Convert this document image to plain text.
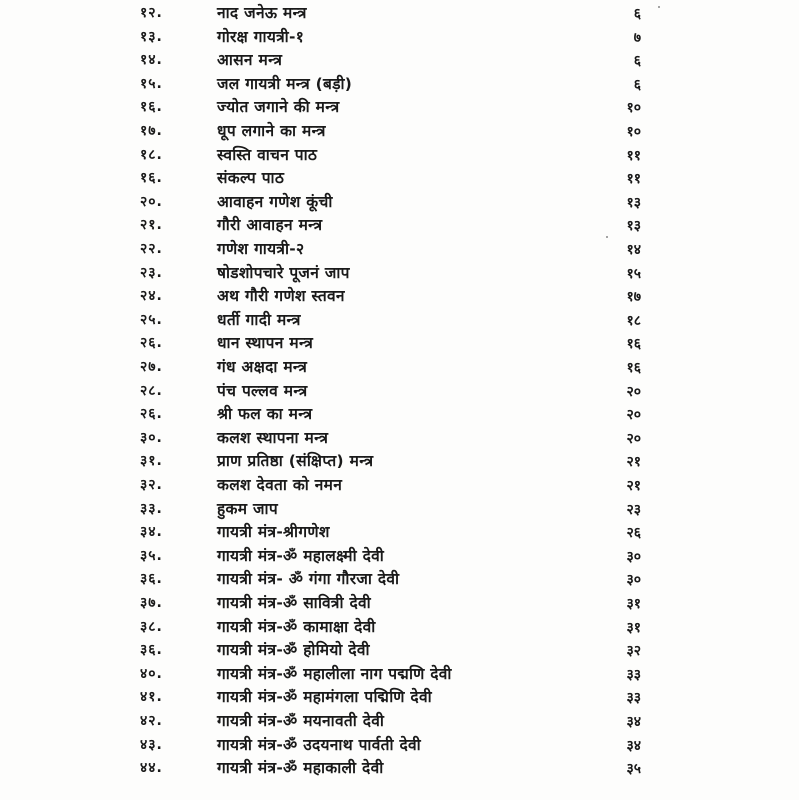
१२.	नाद जनेऊ मन्त्र	६
१३.	गोरक्ष गायत्री-१	७
१४.	आसन मन्त्र	६
१५.	जल गायत्री मन्त्र (बड़ी)	६
१६.	ज्योत जगाने की मन्त्र	१०
१७.	धूप लगाने का मन्त्र	१०
१८.	स्वस्ति वाचन पाठ	११
१६.	संकल्प पाठ	११
२०.	आवाहन गणेश कूंची	१३
२१.	गौरी आवाहन मन्त्र	१३
२२.	गणेश गायत्री-२	१४
२३.	षोडशोपचारे पूजनं जाप	१५
२४.	अथ गौरी गणेश स्तवन	१७
२५.	धर्ती गादी मन्त्र	१८
२६.	धान स्थापन मन्त्र	१६
२७.	गंध अक्षदा मन्त्र	१६
२८.	पंच पल्लव मन्त्र	२०
२६.	श्री फल का मन्त्र	२०
३०.	कलश स्थापना मन्त्र	२०
३१.	प्राण प्रतिष्ठा (संक्षिप्त) मन्त्र	२१
३२.	कलश देवता को नमन	२१
३३.	हुकम जाप	२३
३४.	गायत्री मंत्र-श्रीगणेश	२६
३५.	गायत्री मंत्र-ॐ महालक्ष्मी देवी	३०
३६.	गायत्री मंत्र- ॐ गंगा गौरजा देवी	३०
३७.	गायत्री मंत्र-ॐ सावित्री देवी	३१
३८.	गायत्री मंत्र-ॐ कामाक्षा देवी	३१
३६.	गायत्री मंत्र-ॐ होमियो देवी	३२
४०.	गायत्री मंत्र-ॐ महालीला नाग पद्मणि देवी	३३
४१.	गायत्री मंत्र-ॐ महामंगला पद्मिणि देवी	३३
४२.	गायत्री मंत्र-ॐ मयनावती देवी	३४
४३.	गायत्री मंत्र-ॐ उदयनाथ पार्वती देवी	३४
४४.	गायत्री मंत्र-ॐ महाकाली देवी	३५
